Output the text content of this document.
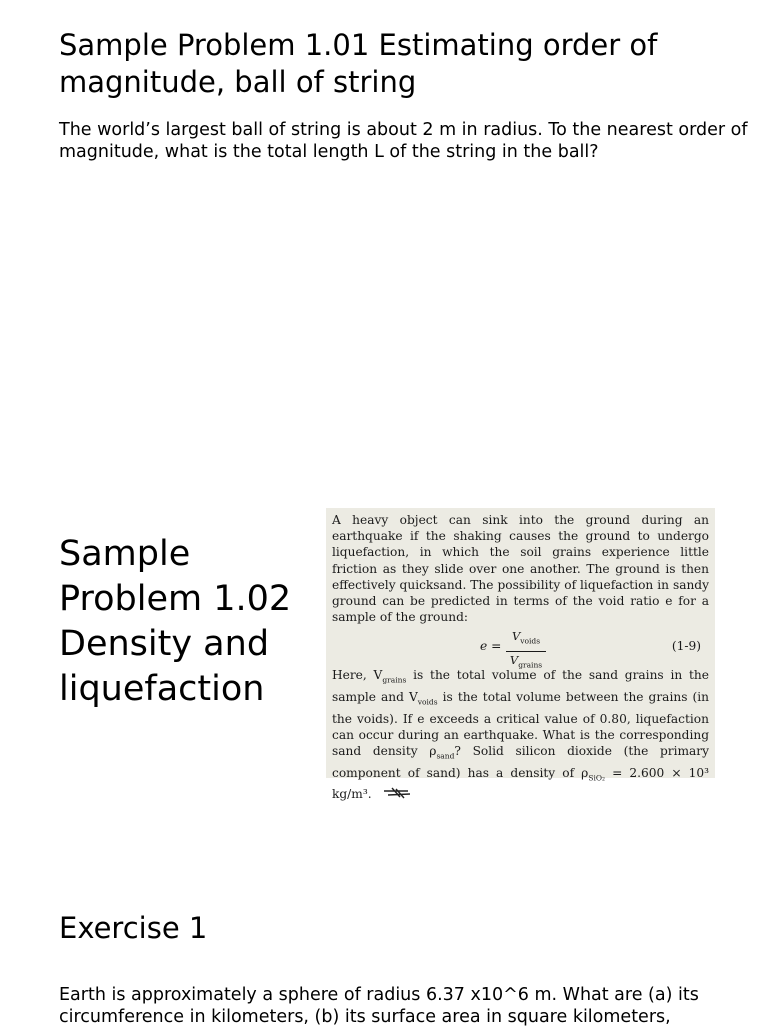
Sample Problem 1.01 Estimating order of magnitude, ball of string
The world’s largest ball of string is about 2 m in radius. To the nearest order of magnitude, what is the total length L of the string in the ball?
Sample Problem 1.02 Density and liquefaction

A heavy object can sink into the ground during an earthquake if the shaking causes the ground to undergo liquefaction, in which the soil grains experience little friction as they slide over one another. The ground is then effectively quicksand. The possibility of liquefaction in sandy ground can be predicted in terms of the void ratio e for a sample of the ground:

e =
$V_{voids}$
$V_{grains}$
(1-9)

Here, $V_{grains}$ is the total volume of the sand grains in the sample and $V_{voids}$ is the total volume between the grains (in the voids). If e exceeds a critical value of 0.80, liquefaction can occur during an earthquake. What is the corresponding sand density $\rho_{sand}$? Solid silicon dioxide (the primary component of sand) has a density of $\rho_{SiO_2} = 2.600 \times 10^3$ kg/m³.

Exercise 1
Earth is approximately a sphere of radius 6.37 x10^6 m. What are (a) its circumference in kilometers, (b) its surface area in square kilometers,
